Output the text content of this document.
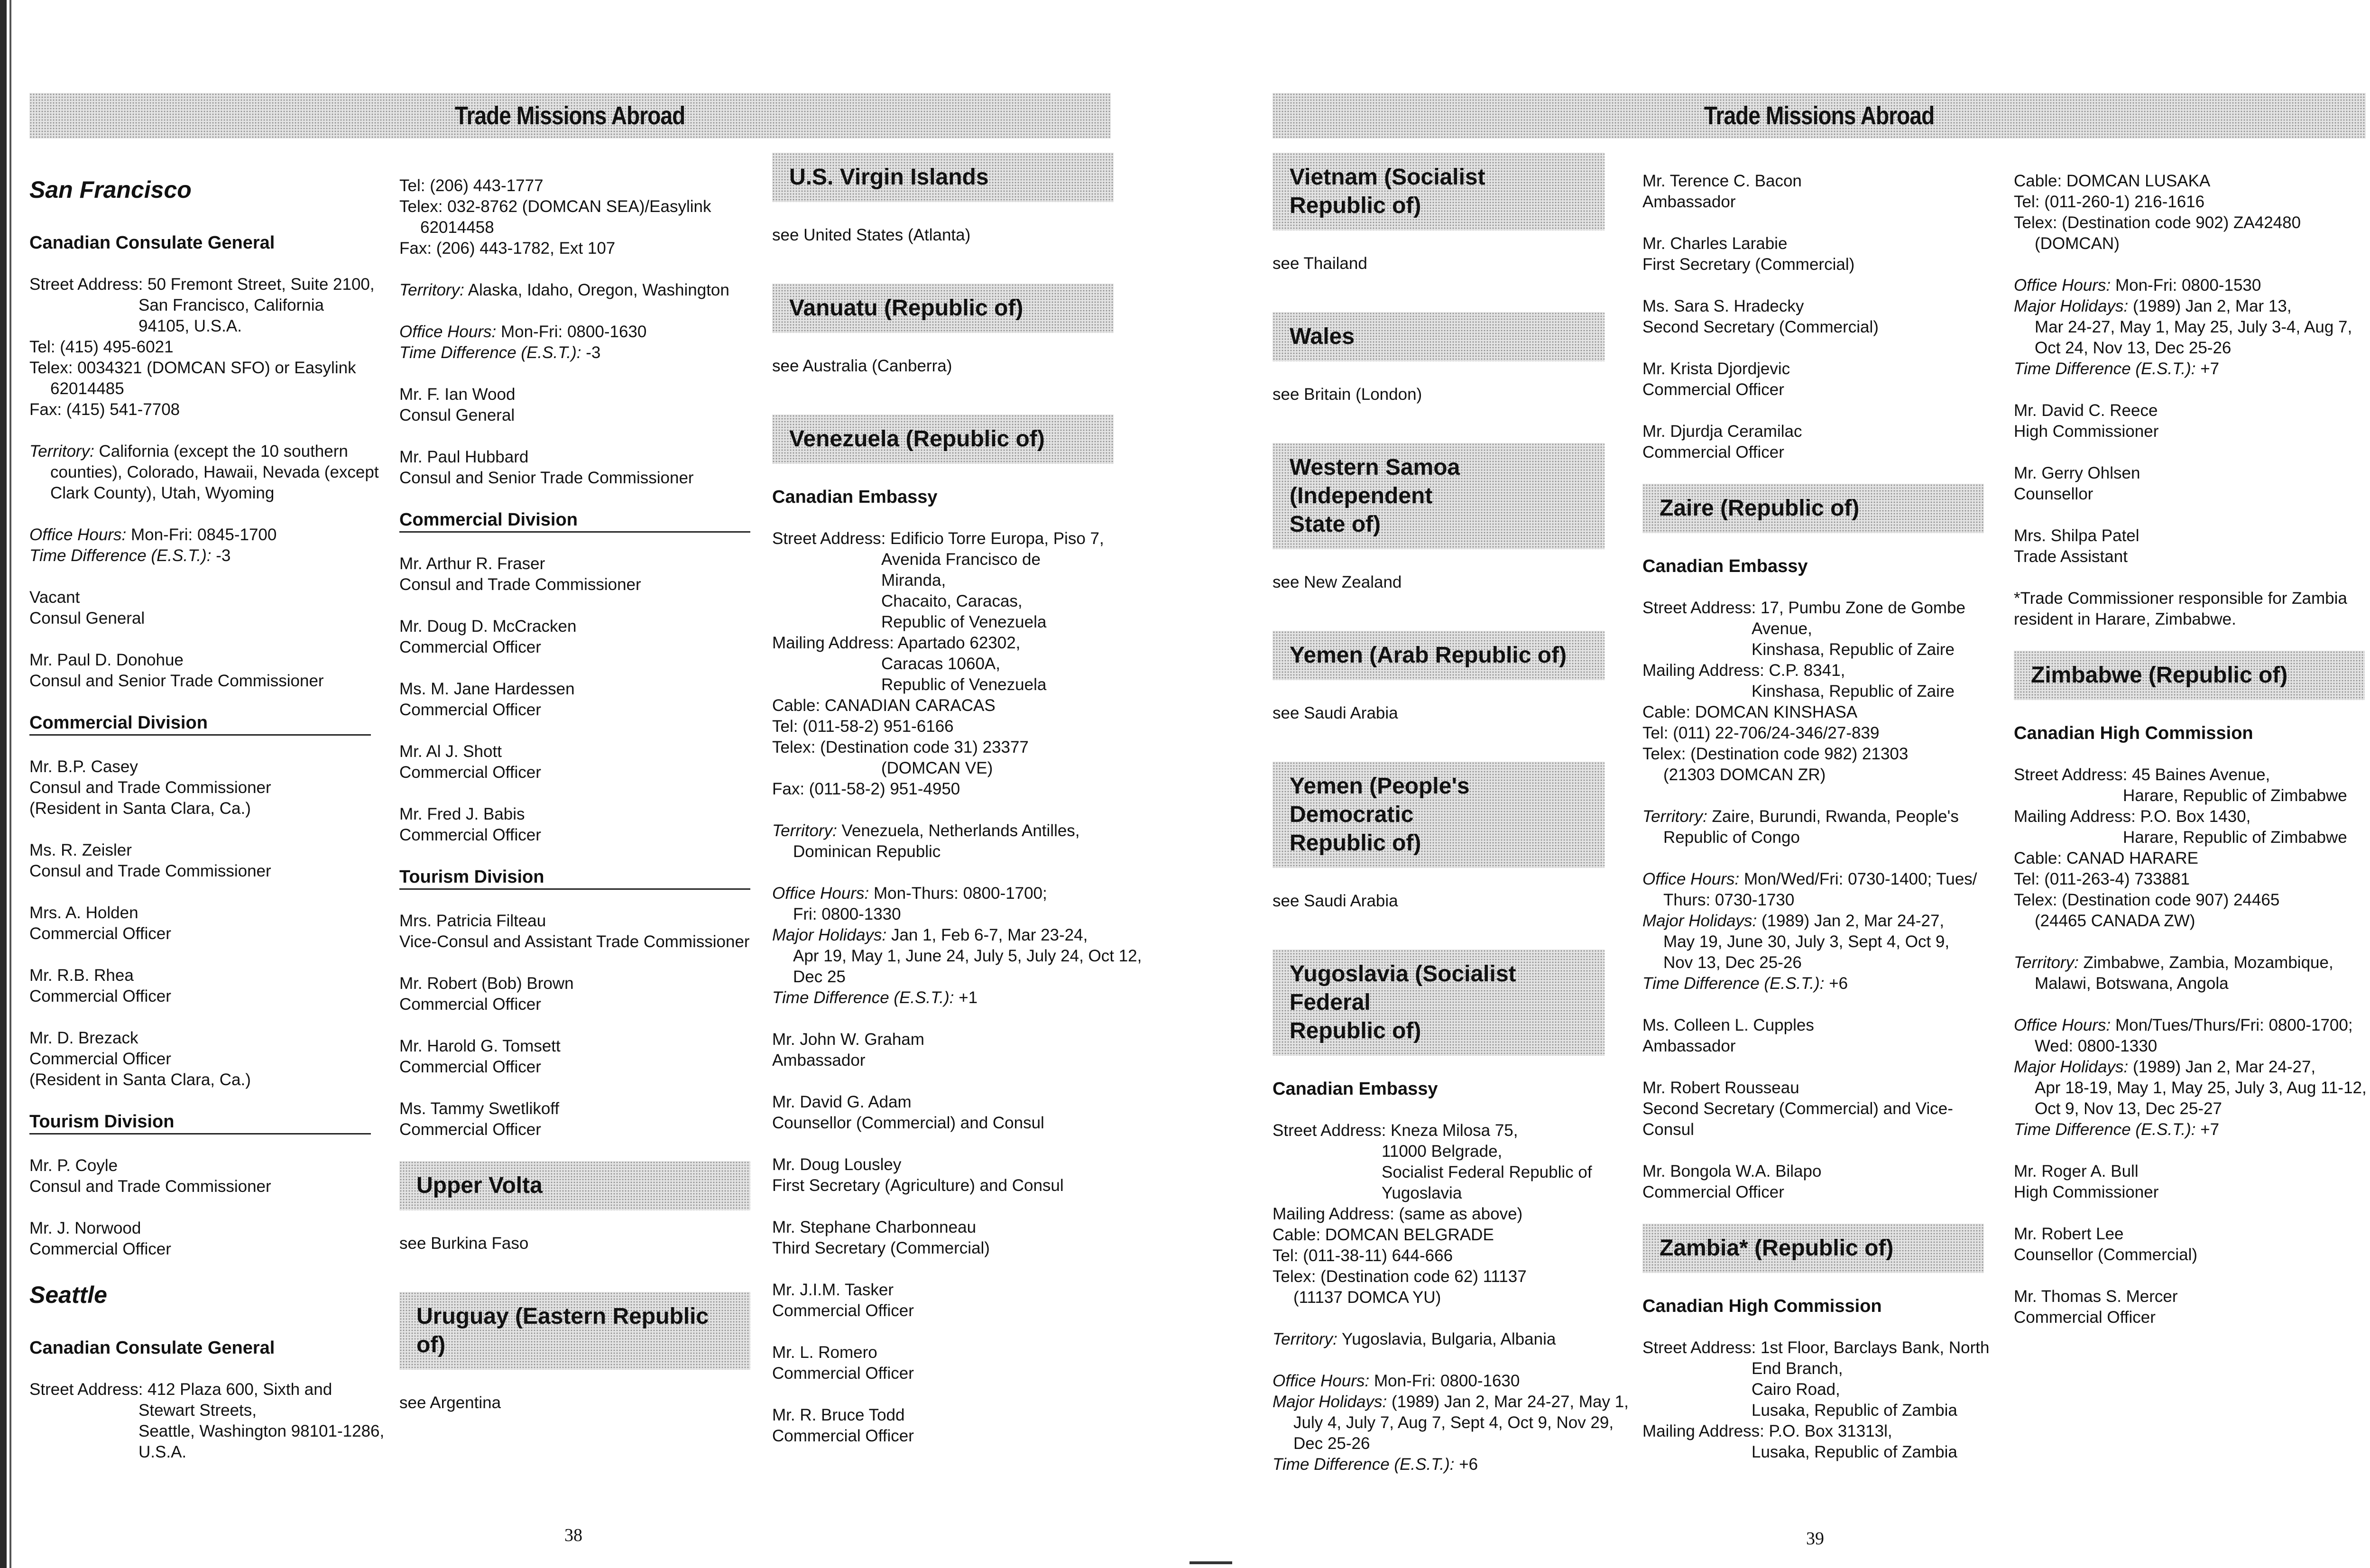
Trade Missions Abroad
San Francisco
Canadian Consulate General
Street Address: 50 Fremont Street, Suite 2100,
San Francisco, California
94105, U.S.A.
Tel: (415) 495-6021
Telex: 0034321 (DOMCAN SFO) or Easylink
62014485
Fax: (415) 541-7708
Territory: California (except the 10 southern
counties), Colorado, Hawaii, Nevada (except
Clark County), Utah, Wyoming
Office Hours: Mon-Fri: 0845-1700
Time Difference (E.S.T.): -3
Vacant
Consul General
Mr. Paul D. Donohue
Consul and Senior Trade Commissioner
Commercial Division
Mr. B.P. Casey
Consul and Trade Commissioner
(Resident in Santa Clara, Ca.)
Ms. R. Zeisler
Consul and Trade Commissioner
Mrs. A. Holden
Commercial Officer
Mr. R.B. Rhea
Commercial Officer
Mr. D. Brezack
Commercial Officer
(Resident in Santa Clara, Ca.)
Tourism Division
Mr. P. Coyle
Consul and Trade Commissioner
Mr. J. Norwood
Commercial Officer
Seattle
Canadian Consulate General
Street Address: 412 Plaza 600, Sixth and
Stewart Streets,
Seattle, Washington 98101-1286,
U.S.A.
Tel: (206) 443-1777
Telex: 032-8762 (DOMCAN SEA)/Easylink
62014458
Fax: (206) 443-1782, Ext 107
Territory: Alaska, Idaho, Oregon, Washington
Office Hours: Mon-Fri: 0800-1630
Time Difference (E.S.T.): -3
Mr. F. Ian Wood
Consul General
Mr. Paul Hubbard
Consul and Senior Trade Commissioner
Commercial Division
Mr. Arthur R. Fraser
Consul and Trade Commissioner
Mr. Doug D. McCracken
Commercial Officer
Ms. M. Jane Hardessen
Commercial Officer
Mr. Al J. Shott
Commercial Officer
Mr. Fred J. Babis
Commercial Officer
Tourism Division
Mrs. Patricia Filteau
Vice-Consul and Assistant Trade Commissioner
Mr. Robert (Bob) Brown
Commercial Officer
Mr. Harold G. Tomsett
Commercial Officer
Ms. Tammy Swetlikoff
Commercial Officer
Upper Volta
see Burkina Faso
Uruguay (Eastern Republic of)
see Argentina
U.S. Virgin Islands
see United States (Atlanta)
Vanuatu (Republic of)
see Australia (Canberra)
Venezuela (Republic of)
Canadian Embassy
Street Address: Edificio Torre Europa, Piso 7,
Avenida Francisco de
Miranda,
Chacaito, Caracas,
Republic of Venezuela
Mailing Address: Apartado 62302,
Caracas 1060A,
Republic of Venezuela
Cable: CANADIAN CARACAS
Tel: (011-58-2) 951-6166
Telex: (Destination code 31) 23377
(DOMCAN VE)
Fax: (011-58-2) 951-4950
Territory: Venezuela, Netherlands Antilles,
Dominican Republic
Office Hours: Mon-Thurs: 0800-1700;
Fri: 0800-1330
Major Holidays: Jan 1, Feb 6-7, Mar 23-24,
Apr 19, May 1, June 24, July 5, July 24, Oct 12,
Dec 25
Time Difference (E.S.T.): +1
Mr. John W. Graham
Ambassador
Mr. David G. Adam
Counsellor (Commercial) and Consul
Mr. Doug Lousley
First Secretary (Agriculture) and Consul
Mr. Stephane Charbonneau
Third Secretary (Commercial)
Mr. J.I.M. Tasker
Commercial Officer
Mr. L. Romero
Commercial Officer
Mr. R. Bruce Todd
Commercial Officer
38
Trade Missions Abroad
Vietnam (Socialist Republic of)
see Thailand
Wales
see Britain (London)
Western Samoa (Independent
State of)
see New Zealand
Yemen (Arab Republic of)
see Saudi Arabia
Yemen (People's Democratic
Republic of)
see Saudi Arabia
Yugoslavia (Socialist Federal
Republic of)
Canadian Embassy
Street Address: Kneza Milosa 75,
11000 Belgrade,
Socialist Federal Republic of
Yugoslavia
Mailing Address: (same as above)
Cable: DOMCAN BELGRADE
Tel: (011-38-11) 644-666
Telex: (Destination code 62) 11137
(11137 DOMCA YU)
Territory: Yugoslavia, Bulgaria, Albania
Office Hours: Mon-Fri: 0800-1630
Major Holidays: (1989) Jan 2, Mar 24-27, May 1,
July 4, July 7, Aug 7, Sept 4, Oct 9, Nov 29,
Dec 25-26
Time Difference (E.S.T.): +6
Mr. Terence C. Bacon
Ambassador
Mr. Charles Larabie
First Secretary (Commercial)
Ms. Sara S. Hradecky
Second Secretary (Commercial)
Mr. Krista Djordjevic
Commercial Officer
Mr. Djurdja Ceramilac
Commercial Officer
Zaire (Republic of)
Canadian Embassy
Street Address: 17, Pumbu Zone de Gombe
Avenue,
Kinshasa, Republic of Zaire
Mailing Address: C.P. 8341,
Kinshasa, Republic of Zaire
Cable: DOMCAN KINSHASA
Tel: (011) 22-706/24-346/27-839
Telex: (Destination code 982) 21303
(21303 DOMCAN ZR)
Territory: Zaire, Burundi, Rwanda, People's
Republic of Congo
Office Hours: Mon/Wed/Fri: 0730-1400; Tues/
Thurs: 0730-1730
Major Holidays: (1989) Jan 2, Mar 24-27,
May 19, June 30, July 3, Sept 4, Oct 9,
Nov 13, Dec 25-26
Time Difference (E.S.T.): +6
Ms. Colleen L. Cupples
Ambassador
Mr. Robert Rousseau
Second Secretary (Commercial) and Vice-
Consul
Mr. Bongola W.A. Bilapo
Commercial Officer
Zambia* (Republic of)
Canadian High Commission
Street Address: 1st Floor, Barclays Bank, North
End Branch,
Cairo Road,
Lusaka, Republic of Zambia
Mailing Address: P.O. Box 31313l,
Lusaka, Republic of Zambia
Cable: DOMCAN LUSAKA
Tel: (011-260-1) 216-1616
Telex: (Destination code 902) ZA42480
(DOMCAN)
Office Hours: Mon-Fri: 0800-1530
Major Holidays: (1989) Jan 2, Mar 13,
Mar 24-27, May 1, May 25, July 3-4, Aug 7,
Oct 24, Nov 13, Dec 25-26
Time Difference (E.S.T.): +7
Mr. David C. Reece
High Commissioner
Mr. Gerry Ohlsen
Counsellor
Mrs. Shilpa Patel
Trade Assistant
*Trade Commissioner responsible for Zambia
resident in Harare, Zimbabwe.
Zimbabwe (Republic of)
Canadian High Commission
Street Address: 45 Baines Avenue,
Harare, Republic of Zimbabwe
Mailing Address: P.O. Box 1430,
Harare, Republic of Zimbabwe
Cable: CANAD HARARE
Tel: (011-263-4) 733881
Telex: (Destination code 907) 24465
(24465 CANADA ZW)
Territory: Zimbabwe, Zambia, Mozambique,
Malawi, Botswana, Angola
Office Hours: Mon/Tues/Thurs/Fri: 0800-1700;
Wed: 0800-1330
Major Holidays: (1989) Jan 2, Mar 24-27,
Apr 18-19, May 1, May 25, July 3, Aug 11-12,
Oct 9, Nov 13, Dec 25-27
Time Difference (E.S.T.): +7
Mr. Roger A. Bull
High Commissioner
Mr. Robert Lee
Counsellor (Commercial)
Mr. Thomas S. Mercer
Commercial Officer
39
